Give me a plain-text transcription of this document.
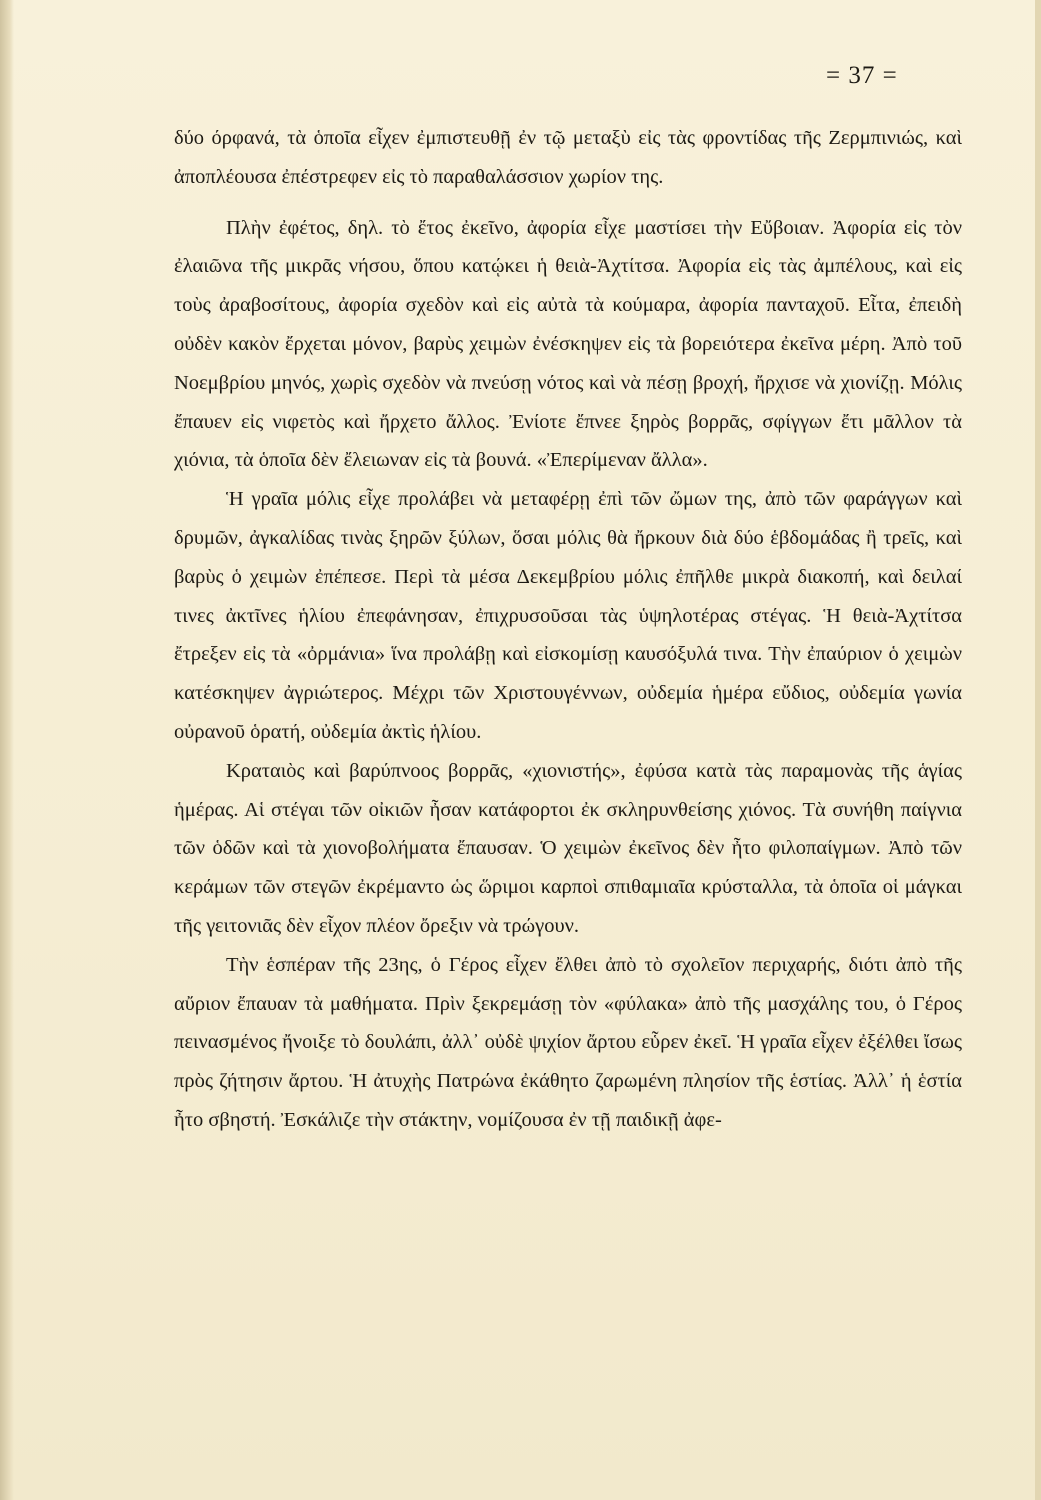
= 37 =

δύο όρφανά, τὰ ὁποῖα εἶχεν ἐμπιστευθῇ ἐν τῷ μεταξὺ εἰς τὰς φροντίδας τῆς Ζερμπινιώς, καὶ ἀποπλέουσα ἐπέστρεφεν εἰς τὸ παραθαλάσσιον χωρίον της.

Πλὴν ἐφέτος, δηλ. τὸ ἔτος ἐκεῖνο, ἀφορία εἶχε μαστίσει τὴν Εὔβοιαν. Ἀφορία εἰς τὸν ἐλαιῶνα τῆς μικρᾶς νήσου, ὅπου κατῴκει ἡ θειὰ-Ἀχτίτσα. Ἀφορία εἰς τὰς ἀμπέλους, καὶ εἰς τοὺς ἀραβοσίτους, ἀφορία σχεδὸν καὶ εἰς αὐτὰ τὰ κούμαρα, ἀφορία πανταχοῦ. Εἶτα, ἐπειδὴ οὐδὲν κακὸν ἔρχεται μόνον, βαρὺς χειμὼν ἐνέσκηψεν εἰς τὰ βορειότερα ἐκεῖνα μέρη. Ἀπὸ τοῦ Νοεμβρίου μηνός, χωρὶς σχεδὸν νὰ πνεύσῃ νότος καὶ νὰ πέσῃ βροχή, ἤρχισε νὰ χιονίζῃ. Μόλις ἔπαυεν εἰς νιφετὸς καὶ ἤρχετο ἄλλος. Ἐνίοτε ἔπνεε ξηρὸς βορρᾶς, σφίγγων ἔτι μᾶλλον τὰ χιόνια, τὰ ὁποῖα δὲν ἔλειωναν εἰς τὰ βουνά. «Ἐπερίμεναν ἄλλα».

Ἡ γραῖα μόλις εἶχε προλάβει νὰ μεταφέρῃ ἐπὶ τῶν ὤμων της, ἀπὸ τῶν φαράγγων καὶ δρυμῶν, ἀγκαλίδας τινὰς ξηρῶν ξύλων, ὅσαι μόλις θὰ ἤρκουν διὰ δύο ἑβδομάδας ἢ τρεῖς, καὶ βαρὺς ὁ χειμὼν ἐπέπεσε. Περὶ τὰ μέσα Δεκεμβρίου μόλις ἐπῆλθε μικρὰ διακοπή, καὶ δειλαί τινες ἀκτῖνες ἡλίου ἐπεφάνησαν, ἐπιχρυσοῦσαι τὰς ὑψηλοτέρας στέγας. Ἡ θειὰ-Ἀχτίτσα ἔτρεξεν εἰς τὰ «ὀρμάνια» ἵνα προλάβῃ καὶ εἰσκομίσῃ καυσόξυλά τινα. Τὴν ἐπαύριον ὁ χειμὼν κατέσκηψεν ἀγριώτερος. Μέχρι τῶν Χριστουγέννων, οὐδεμία ἡμέρα εὔδιος, οὐδεμία γωνία οὐρανοῦ ὁρατή, οὐδεμία ἀκτὶς ἡλίου.

Κραταιὸς καὶ βαρύπνοος βορρᾶς, «χιονιστής», ἐφύσα κατὰ τὰς παραμονὰς τῆς ἁγίας ἡμέρας. Αἱ στέγαι τῶν οἰκιῶν ἦσαν κατάφορτοι ἐκ σκληρυνθείσης χιόνος. Τὰ συνήθη παίγνια τῶν ὁδῶν καὶ τὰ χιονοβολήματα ἔπαυσαν. Ὁ χειμὼν ἐκεῖνος δὲν ἦτο φιλοπαίγμων. Ἀπὸ τῶν κεράμων τῶν στεγῶν ἐκρέμαντο ὡς ὥριμοι καρποὶ σπιθαμιαῖα κρύσταλλα, τὰ ὁποῖα οἱ μάγκαι τῆς γειτονιᾶς δὲν εἶχον πλέον ὄρεξιν νὰ τρώγουν.

Τὴν ἑσπέραν τῆς 23ης, ὁ Γέρος εἶχεν ἔλθει ἀπὸ τὸ σχολεῖον περιχαρής, διότι ἀπὸ τῆς αὔριον ἔπαυαν τὰ μαθήματα. Πρὶν ξεκρεμάσῃ τὸν «φύλακα» ἀπὸ τῆς μασχάλης του, ὁ Γέρος πεινασμένος ἤνοιξε τὸ δουλάπι, ἀλλ᾿ οὐδὲ ψιχίον ἄρτου εὗρεν ἐκεῖ. Ἡ γραῖα εἶχεν ἐξέλθει ἴσως πρὸς ζήτησιν ἄρτου. Ἡ ἀτυχὴς Πατρώνα ἐκάθητο ζαρωμένη πλησίον τῆς ἑστίας. Ἀλλ᾿ ἡ ἑστία ἦτο σβηστή. Ἐσκάλιζε τὴν στάκτην, νομίζουσα ἐν τῇ παιδικῇ ἀφε-
